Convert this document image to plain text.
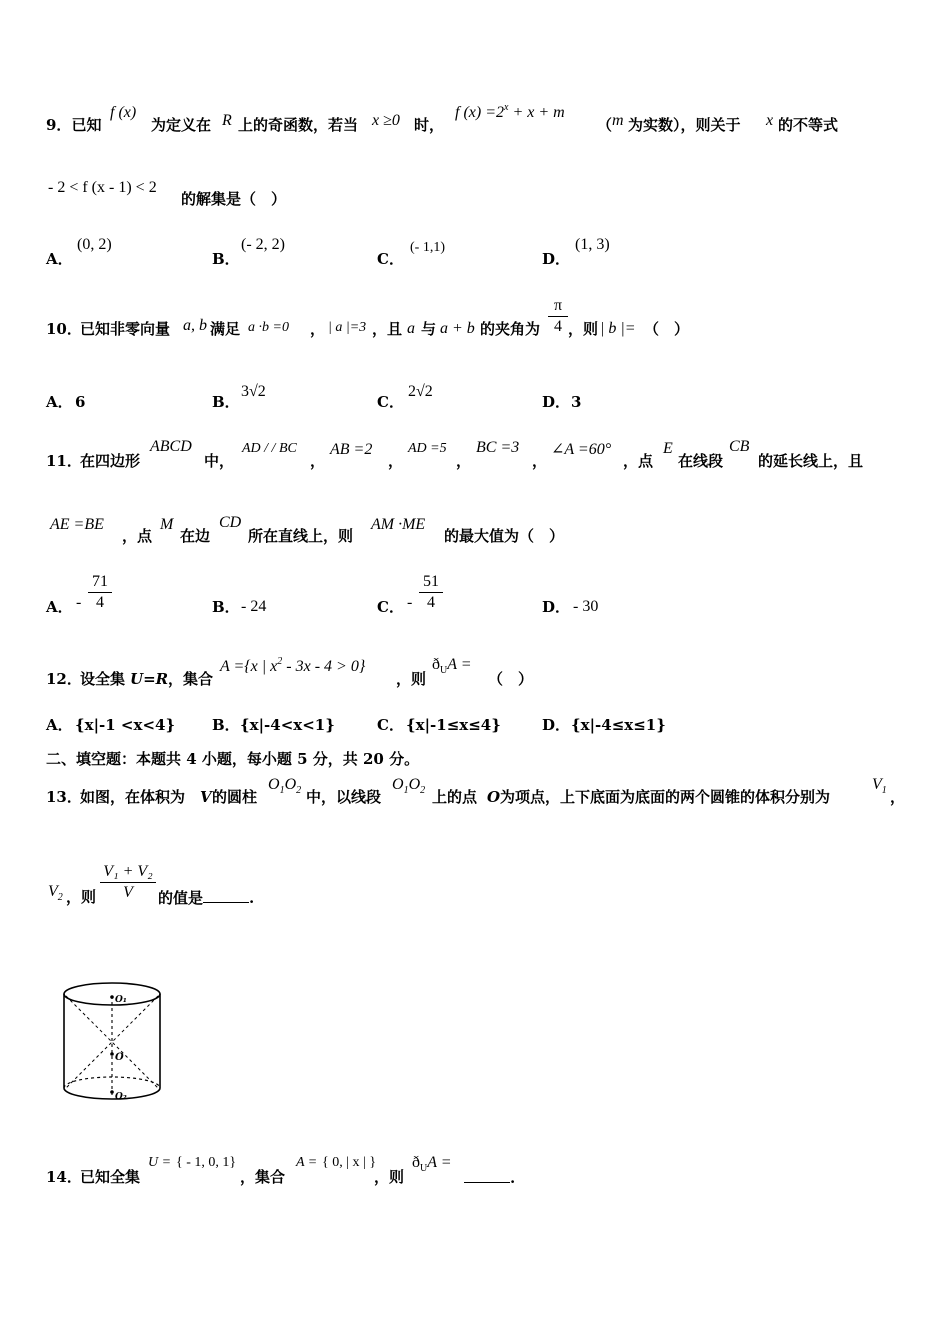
9．已知
f (x)
为定义在 R 上的奇函数，若当 x ≥0 时，
f $(x) =2^x + x + m$
（ m 为实数），则关于 x 的不等式
- 2 < f (x - 1) < 2
的解集是（　）
A．
(0, 2)
B．
(- 2, 2)
C．
(- 1,1)
D．
(1, 3)
10．
已知非零向量 a, b 满足 a ·b =0 ， | a |=3 ，且 a 与 a + b 的夹角为 $\frac{\pi}{4}$ ，则 | b |= （　）
A． 6	B．
3√2
C．
2√2
D． 3
11．
在四边形
ABCD
中，
AD / / BC
，
AB =2
，
AD =5
，
BC =3
，
∠A =60°
，点
E
在线段
CB
的延长线上，且
AE =BE
，点
M
在边
CD
所在直线上，则
AM ·ME
的最大值为（　）
A． - $\frac{71}{4}$	B． - 24	C． - $\frac{51}{4}$	D． - 30
12．
设全集 U=R ，集合
A ={x | $x^2 - 3x - 4 > 0$}
，则
$ð_UA$ =
（　）
A． {x|-1 <x<4} B． {x|-4<x<1}	C． {x|-1≤x≤4}	D． {x|-4≤x≤1}
二、填空题：本题共 4 小题，每小题 5 分，共 20 分。
13．
如图，在体积为 V 的圆柱
$O_1O_2$ 中，以线段
$O_1O_2$ 上的点 O 为项点，上下底面为底面的两个圆锥的体积分别为
$V_1$ ，
$V_2$ ，则 $\frac{\text{V₁ + V₂}}{V}$ 的值是	.
O₁
O
O₂
14．
已知全集
U = { - 1, 0, 1}
，集合
A = { 0, | x | }
，则
$ð_UA$ =
.
